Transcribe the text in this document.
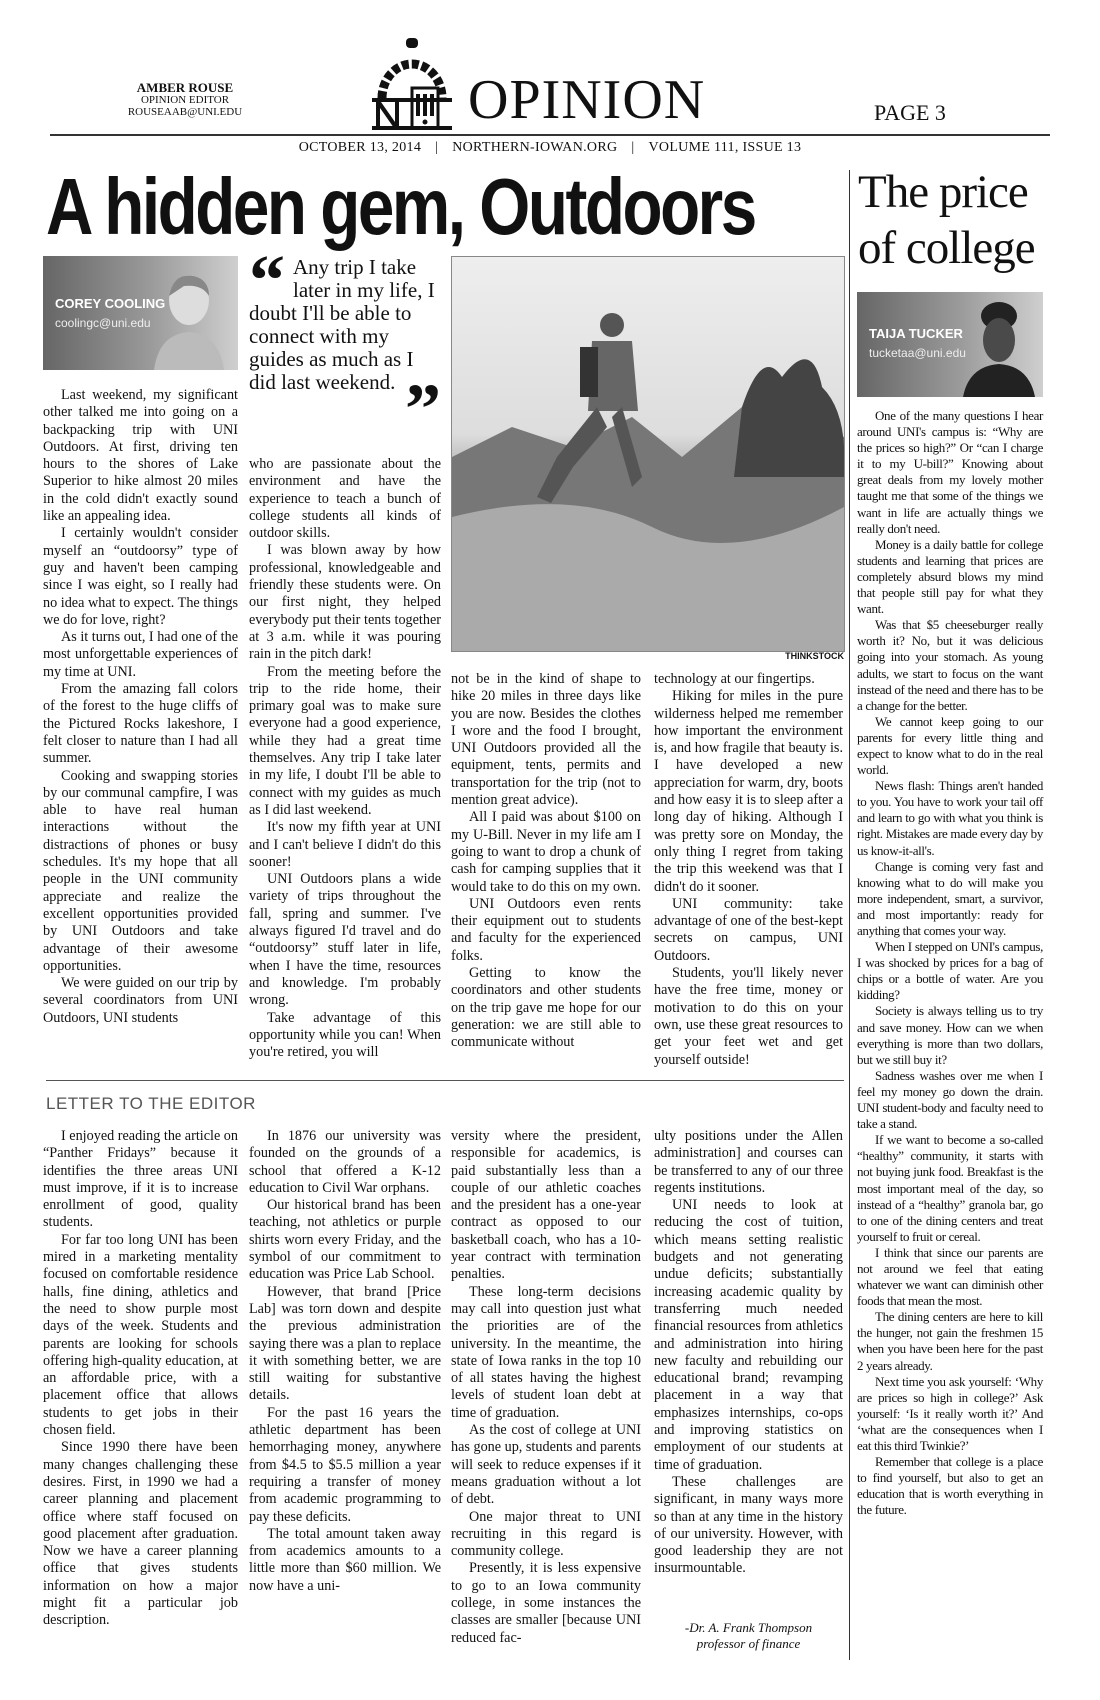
AMBER ROUSE
OPINION EDITOR
ROUSEAAB@UNI.EDU	OPINION	PAGE 3
OCTOBER 13, 2014 | NORTHERN-IOWAN.ORG | VOLUME 111, ISSUE 13
A hidden gem, Outdoors
COREY COOLING
coolingc@uni.edu
“ Any trip I take later in my life, I doubt I'll be able to connect with my guides as much as I did last weekend. ”
THINKSTOCK

Last weekend, my significant other talked me into going on a backpacking trip with UNI Outdoors. At first, driving ten hours to the shores of Lake Superior to hike almost 20 miles in the cold didn't exactly sound like an appealing idea.

I certainly wouldn't consider myself an “outdoorsy” type of guy and haven't been camping since I was eight, so I really had no idea what to expect. The things we do for love, right?

As it turns out, I had one of the most unforgettable experiences of my time at UNI.

From the amazing fall colors of the forest to the huge cliffs of the Pictured Rocks lakeshore, I felt closer to nature than I had all summer.

Cooking and swapping stories by our communal campfire, I was able to have real human interactions without the distractions of phones or busy schedules. It's my hope that all people in the UNI community appreciate and realize the excellent opportunities provided by UNI Outdoors and take advantage of their awesome opportunities.

We were guided on our trip by several coordinators from UNI Outdoors, UNI students

who are passionate about the environment and have the experience to teach a bunch of college students all kinds of outdoor skills.

I was blown away by how professional, knowledgeable and friendly these students were. On our first night, they helped everybody put their tents together at 3 a.m. while it was pouring rain in the pitch dark!

From the meeting before the trip to the ride home, their primary goal was to make sure everyone had a good experience, while they had a great time themselves. Any trip I take later in my life, I doubt I'll be able to connect with my guides as much as I did last weekend.

It's now my fifth year at UNI and I can't believe I didn't do this sooner!

UNI Outdoors plans a wide variety of trips throughout the fall, spring and summer. I've always figured I'd travel and do “outdoorsy” stuff later in life, when I have the time, resources and knowledge. I'm probably wrong.

Take advantage of this opportunity while you can! When you're retired, you will

not be in the kind of shape to hike 20 miles in three days like you are now. Besides the clothes I wore and the food I brought, UNI Outdoors provided all the equipment, tents, permits and transportation for the trip (not to mention great advice).

All I paid was about $100 on my U-Bill. Never in my life am I going to want to drop a chunk of cash for camping supplies that it would take to do this on my own.

UNI Outdoors even rents their equipment out to students and faculty for the experienced folks.

Getting to know the coordinators and other students on the trip gave me hope for our generation: we are still able to communicate without

technology at our fingertips.

Hiking for miles in the pure wilderness helped me remember how important the environment is, and how fragile that beauty is. I have developed a new appreciation for warm, dry, boots and how easy it is to sleep after a long day of hiking. Although I was pretty sore on Monday, the only thing I regret from taking the trip this weekend was that I didn't do it sooner.

UNI community: take advantage of one of the best-kept secrets on campus, UNI Outdoors.

Students, you'll likely never have the free time, money or motivation to do this on your own, use these great resources to get your feet wet and get yourself outside!

LETTER TO THE EDITOR

I enjoyed reading the article on “Panther Fridays” because it identifies the three areas UNI must improve, if it is to increase enrollment of good, quality students.

For far too long UNI has been mired in a marketing mentality focused on comfortable residence halls, fine dining, athletics and the need to show purple most days of the week. Students and parents are looking for schools offering high-quality education, at an affordable price, with a placement office that allows students to get jobs in their chosen field.

Since 1990 there have been many changes challenging these desires. First, in 1990 we had a career planning and placement office where staff focused on good placement after graduation. Now we have a career planning office that gives students information on how a major might fit a particular job description.

In 1876 our university was founded on the grounds of a school that offered a K-12 education to Civil War orphans.

Our historical brand has been teaching, not athletics or purple shirts worn every Friday, and the symbol of our commitment to education was Price Lab School.

However, that brand [Price Lab] was torn down and despite the previous administration saying there was a plan to replace it with something better, we are still waiting for substantive details.

For the past 16 years the athletic department has been hemorrhaging money, anywhere from $4.5 to $5.5 million a year requiring a transfer of money from academic programming to pay these deficits.

The total amount taken away from academics amounts to a little more than $60 million. We now have a uni-

versity where the president, responsible for academics, is paid substantially less than a couple of our athletic coaches and the president has a one-year contract as opposed to our basketball coach, who has a 10-year contract with termination penalties.

These long-term decisions may call into question just what the priorities are of the university. In the meantime, the state of Iowa ranks in the top 10 of all states having the highest levels of student loan debt at time of graduation.

As the cost of college at UNI has gone up, students and parents will seek to reduce expenses if it means graduation without a lot of debt.

One major threat to UNI recruiting in this regard is community college.

Presently, it is less expensive to go to an Iowa community college, in some instances the classes are smaller [because UNI reduced fac-

ulty positions under the Allen administration] and courses can be transferred to any of our three regents institutions.

UNI needs to look at reducing the cost of tuition, which means setting realistic budgets and not generating undue deficits; substantially increasing academic quality by transferring much needed financial resources from athletics and administration into hiring new faculty and rebuilding our educational brand; revamping placement in a way that emphasizes internships, co-ops and improving statistics on employment of our students at time of graduation.

These challenges are significant, in many ways more so than at any time in the history of our university. However, with good leadership they are not insurmountable.

-Dr. A. Frank Thompson
professor of finance
The price of college
TAIJA TUCKER
tucketaa@uni.edu

One of the many questions I hear around UNI's campus is: “Why are the prices so high?” Or “can I charge it to my U-bill?” Knowing about great deals from my lovely mother taught me that some of the things we want in life are actually things we really don't need.

Money is a daily battle for college students and learning that prices are completely absurd blows my mind that people still pay for what they want.

Was that $5 cheeseburger really worth it? No, but it was delicious going into your stomach. As young adults, we start to focus on the want instead of the need and there has to be a change for the better.

We cannot keep going to our parents for every little thing and expect to know what to do in the real world.

News flash: Things aren't handed to you. You have to work your tail off and learn to go with what you think is right. Mistakes are made every day by us know-it-all's.

Change is coming very fast and knowing what to do will make you more independent, smart, a survivor, and most importantly: ready for anything that comes your way.

When I stepped on UNI's campus, I was shocked by prices for a bag of chips or a bottle of water. Are you kidding?

Society is always telling us to try and save money. How can we when everything is more than two dollars, but we still buy it?

Sadness washes over me when I feel my money go down the drain. UNI student-body and faculty need to take a stand.

If we want to become a so-called “healthy” community, it starts with not buying junk food. Breakfast is the most important meal of the day, so instead of a “healthy” granola bar, go to one of the dining centers and treat yourself to fruit or cereal.

I think that since our parents are not around we feel that eating whatever we want can diminish other foods that mean the most.

The dining centers are here to kill the hunger, not gain the freshmen 15 when you have been here for the past 2 years already.

Next time you ask yourself: ‘Why are prices so high in college?’ Ask yourself: ‘Is it really worth it?’ And ‘what are the consequences when I eat this third Twinkie?’

Remember that college is a place to find yourself, but also to get an education that is worth everything in the future.
